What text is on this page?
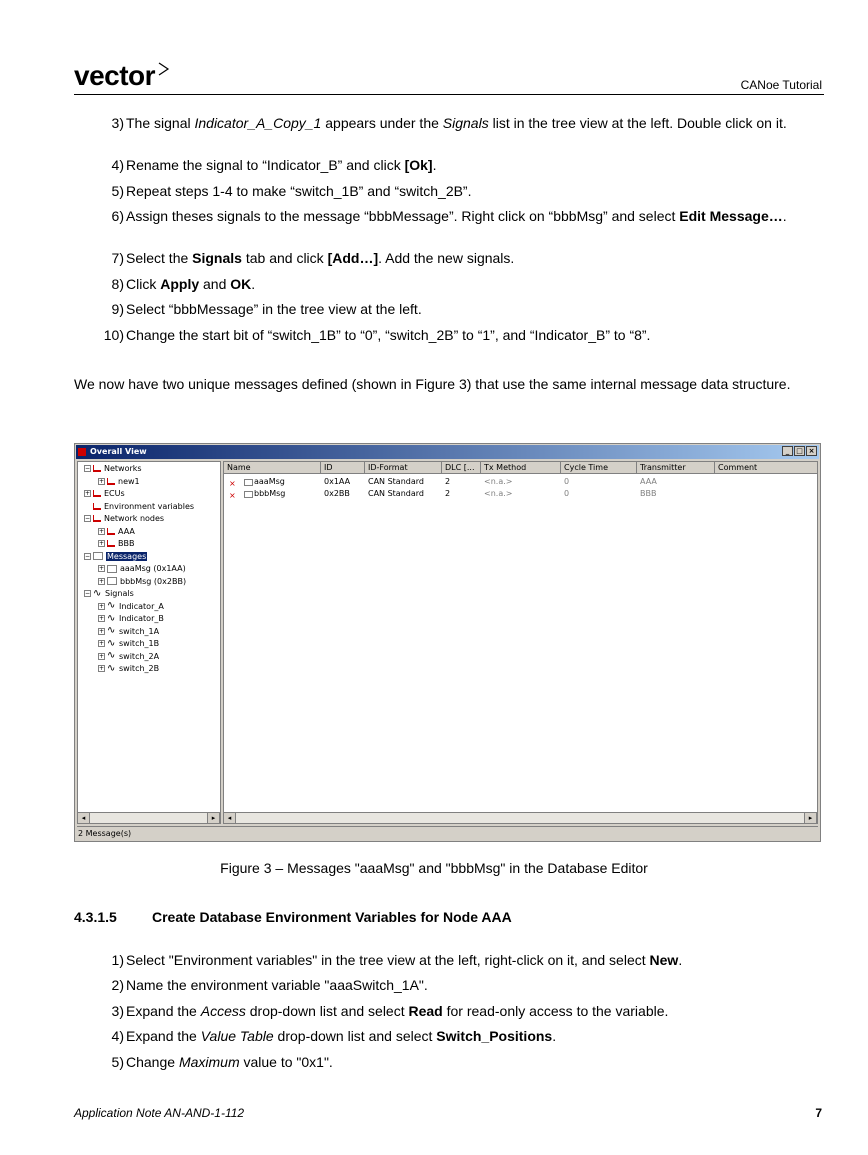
vector	CANoe Tutorial
3) The signal Indicator_A_Copy_1 appears under the Signals list in the tree view at the left. Double click on it.
4) Rename the signal to “Indicator_B” and click [Ok].
5) Repeat steps 1-4 to make “switch_1B” and “switch_2B”.
6) Assign theses signals to the message “bbbMessage”. Right click on “bbbMsg” and select Edit Message….
7) Select the Signals tab and click [Add…]. Add the new signals.
8) Click Apply and OK.
9) Select “bbbMessage” in the tree view at the left.
10) Change the start bit of “switch_1B” to “0”, “switch_2B” to “1”, and “Indicator_B” to “8”.
We now have two unique messages defined (shown in Figure 3) that use the same internal message data structure.
Overall View	_ □ ×
− Networks
+ new1
+ ECUs
Environment variables
− Network nodes
+ AAA
+ BBB
− Messages
+ aaaMsg (0x1AA)
+ bbbMsg (0x2BB)
− ∿ Signals
+ ∿ Indicator_A
+ ∿ Indicator_B
+ ∿ switch_1A
+ ∿ switch_1B
+ ∿ switch_2A
+ ∿ switch_2B
Name	ID	ID-Format	DLC [...	Tx Method	Cycle Time	Transmitter	Comment
×	aaaMsg	0x1AA	CAN Standard	2	<n.a.>	0	AAA
×	bbbMsg	0x2BB	CAN Standard	2	<n.a.>	0	BBB
◂	▸	◂	▸
2 Message(s)
Figure 3 – Messages "aaaMsg" and "bbbMsg" in the Database Editor
4.3.1.5	Create Database Environment Variables for Node AAA
1) Select "Environment variables" in the tree view at the left, right-click on it, and select New.
2) Name the environment variable "aaaSwitch_1A".
3) Expand the Access drop-down list and select Read for read-only access to the variable.
4) Expand the Value Table drop-down list and select Switch_Positions.
5) Change Maximum value to "0x1".
Application Note AN-AND-1-112	7
